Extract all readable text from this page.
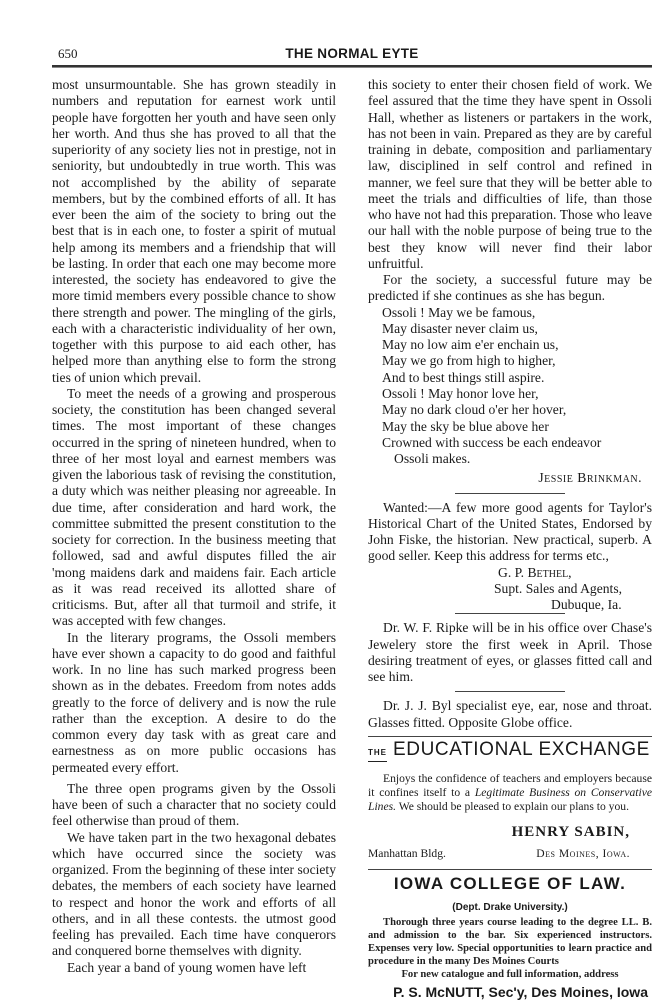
650	THE NORMAL EYTE

most unsurmountable. She has grown steadily in numbers and reputation for earnest work until people have forgotten her youth and have seen only her worth. And thus she has proved to all that the superiority of any society lies not in prestige, not in seniority, but undoubtedly in true worth. This was not accomplished by the ability of separate members, but by the combined efforts of all. It has ever been the aim of the society to bring out the best that is in each one, to foster a spirit of mutual help among its members and a friendship that will be lasting. In order that each one may become more interested, the society has endeavored to give the more timid members every possible chance to show there strength and power. The mingling of the girls, each with a characteristic individuality of her own, together with this purpose to aid each other, has helped more than anything else to form the strong ties of union which prevail.

To meet the needs of a growing and prosperous society, the constitution has been changed several times. The most important of these changes occurred in the spring of nineteen hundred, when to three of her most loyal and earnest members was given the laborious task of revising the constitution, a duty which was neither pleasing nor agreeable. In due time, after consideration and hard work, the committee submitted the present constitution to the society for correction. In the business meeting that followed, sad and awful disputes filled the air 'mong maidens dark and maidens fair. Each article as it was read received its allotted share of criticisms. But, after all that turmoil and strife, it was accepted with few changes.

In the literary programs, the Ossoli members have ever shown a capacity to do good and faithful work. In no line has such marked progress been shown as in the debates. Freedom from notes adds greatly to the force of delivery and is now the rule rather than the exception. A desire to do the common every day task with as great care and earnestness as on more public occasions has permeated every effort.

The three open programs given by the Ossoli have been of such a character that no society could feel otherwise than proud of them.

We have taken part in the two hexagonal debates which have occurred since the society was organized. From the beginning of these inter society debates, the members of each society have learned to respect and honor the work and efforts of all others, and in all these contests. the utmost good feeling has prevailed. Each time have conquerors and conquered borne themselves with dignity.

Each year a band of young women have left

this society to enter their chosen field of work. We feel assured that the time they have spent in Ossoli Hall, whether as listeners or partakers in the work, has not been in vain. Prepared as they are by careful training in debate, composition and parliamentary law, disciplined in self control and refined in manner, we feel sure that they will be better able to meet the trials and difficulties of life, than those who have not had this preparation. Those who leave our hall with the noble purpose of being true to the best they know will never find their labor unfruitful.

For the society, a successful future may be predicted if she continues as she has begun.

Ossoli ! May we be famous,
May disaster never claim us,
May no low aim e'er enchain us,
May we go from high to higher,
And to best things still aspire.
Ossoli ! May honor love her,
May no dark cloud o'er her hover,
May the sky be blue above her
Crowned with success be each endeavor
Ossoli makes.

Jessie Brinkman.

Wanted:—A few more good agents for Taylor's Historical Chart of the United States, Endorsed by John Fiske, the historian. New practical, superb. A good seller. Keep this address for terms etc.,

G. P. Bethel,
Supt. Sales and Agents,
Dubuque, Ia.

Dr. W. F. Ripke will be in his office over Chase's Jewelery store the first week in April. Those desiring treatment of eyes, or glasses fitted call and see him.

Dr. J. J. Byl specialist eye, ear, nose and throat. Glasses fitted. Opposite Globe office.

THE EDUCATIONAL EXCHANGE

Enjoys the confidence of teachers and employers because it confines itself to a Legitimate Business on Conservative Lines. We should be pleased to explain our plans to you.

HENRY SABIN,

Manhattan Bldg.	Des Moines, Iowa.
IOWA COLLEGE OF LAW.
(Dept. Drake University.)

Thorough three years course leading to the degree LL. B. and admission to the bar. Six experienced instructors. Expenses very low. Special opportunities to learn practice and procedure in the many Des Moines Courts

For new catalogue and full information, address
P. S. McNUTT, Sec'y, Des Moines, Iowa
